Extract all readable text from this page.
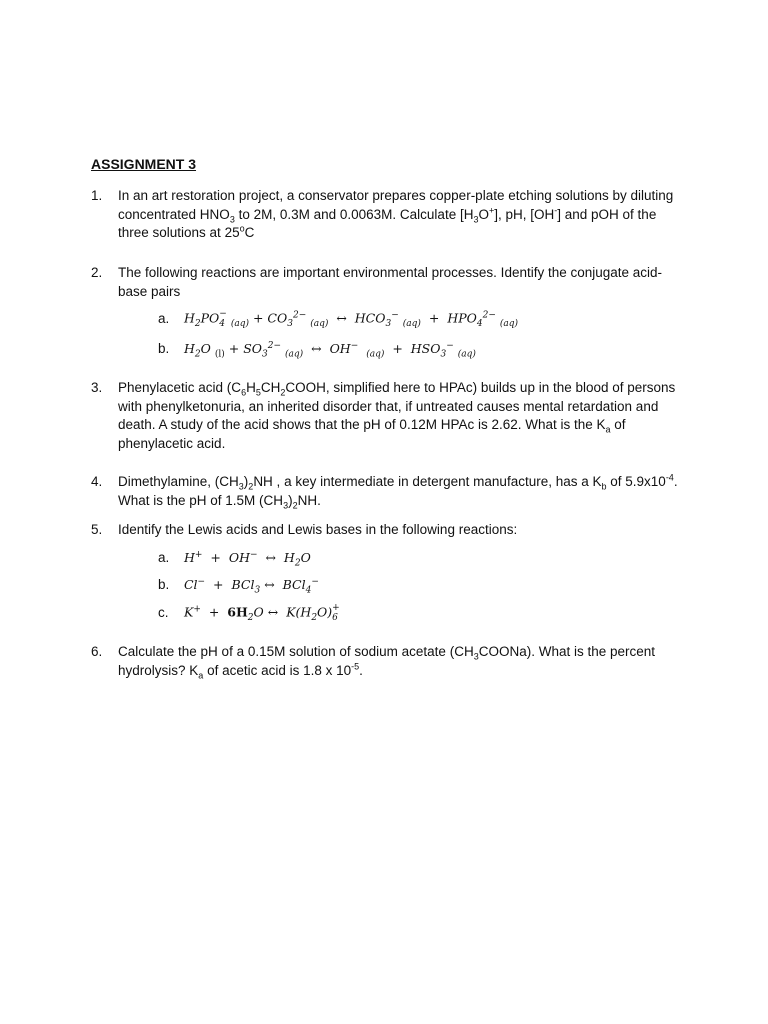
ASSIGNMENT 3
1.	In an art restoration project, a conservator prepares copper-plate etching solutions by diluting concentrated $HNO_3$ to 2M, 0.3M and 0.0063M. Calculate $[H_3O^+]$, pH, [OH-] and pOH of the three solutions at 25$^o$C
2.	The following reactions are important environmental processes. Identify the conjugate acid-base pairs
a. $H_2PO$ −
4 $_{(aq)} + CO_3^{2-}$ $_{(aq)}$ ↔ $HCO_3^-$ $_{(aq)} + HPO_4^{2-}$ $_{(aq)}$
b. $H_2O$ $_{(l)} + SO_3^{2-}$ $_{(aq)}$ ↔ OH−  $_{(aq)} + HSO_3^-$ $_{(aq)}$
3.	Phenylacetic acid ($C_6H_5CH_2COOH$, simplified here to HPAc) builds up in the blood of persons with phenylketonuria, an inherited disorder that, if untreated causes mental retardation and death. A study of the acid shows that the pH of 0.12M HPAc is 2.62. What is the $K_a$ of phenylacetic acid.
4.	Dimethylamine, $(CH_3)_2NH$ , a key intermediate in detergent manufacture, has a $K_b$ of $5.9x10^{-4}$. What is the pH of 1.5M $(CH_3)_2NH$.
5.	Identify the Lewis acids and Lewis bases in the following reactions:
a. H+ + OH− ↔ $H_2O$
b. Cl− + BCl$_3$ ↔ BCl$_4$−
c. $K^+ + 6H_2O$ ↔ $K(H_2O)$ +
6
6.	Calculate the pH of a 0.15M solution of sodium acetate $(CH_3COONa)$. What is the percent hydrolysis? $K_a$ of acetic acid is 1.8 x $10^{-5}$.
